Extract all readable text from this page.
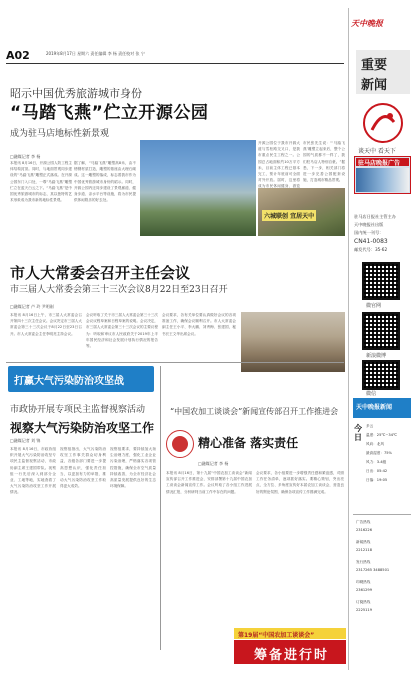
A02	2019年8月17日 星期六 责任编辑 李 杨 责任校对 张 宁
昭示中国优秀旅游城市身份
“马踏飞燕”伫立开源公园
成为驻马店地标性新景观
□融媒记者 李 杨
本报讯 8月16日，开源公园人防工程主体结构封顶。同时，与地面景观同步建设的“马踏飞燕”雕塑正式落成。在开源公园东门入口处，一尊“马踏飞燕”雕塑伫立在蓝天白云之下。“马踏飞燕”是中国优秀旅游城市的标志，其以独特的艺术形象成为我市新的地标性景观。
据了解，“马踏飞燕”雕塑高8米，由不锈钢材质打造，雕塑的基座由大理石砌成。这一雕塑的落成，标志着我市作为中国优秀旅游城市身份的昭示。同时，开源公园内还同步建设了景观廊道、健身步道、亲水平台等设施，将为市民提供休闲娱乐的好去处。
开源公园位于我市开源大道与雪松路交叉口，是我市重点民生工程之一。公园总占地面积约10万平方米，目前主体工程已基本完工，预计年底前可全面对外开放。届时，这里将成为市民休闲健身、游览
市民张先生说：“‘马踏飞燕’雕塑立起来后，整个公园的气质都不一样了，我们驻马店人特别自豪。”据悉，下一步，相关部门将进一步完善公园配套设施，打造城市精品景观。
六城联创 宜居天中
市人大常委会召开主任会议
市三届人大常委会第三十三次会议8月22日至23日召开
□融媒记者 卢 玲 尹明刚
本报讯 8月16日上午，市三届人大常委会召开第四十三次主任会议。会议决定市三届人大常委会第三十三次会议于8月22日至23日召开。市人大常委会主任李明亮主持会议。
会议听取了关于市三届人大常委会第三十三次会议议程草案和日程草案的说明。会议决定，市三届人大常委会第三十三次会议的主要议程为：听取和审议市人民政府关于2019年上半年国民经济和社会发展计划执行情况的报告等。
会议要求，各有关单位要认真做好会议的各项准备工作，确保会议顺利召开。市人大常委会副主任王小平、李大鹏、刘秀梅、张建国，秘书长王文华出席会议。
打赢大气污染防治攻坚战
市政协开展专项民主监督视察活动
视察大气污染防治攻坚工作
□融媒记者 刘 锦
本报讯 8月16日，市政协组织开展大气污染防治攻坚专项民主监督视察活动，市政协副主席王建国带队。视察组一行先后深入到部分企业、工地等地，实地查看了大气污染防治攻坚工作开展情况。
视察组指出，大气污染防治攻坚工作事关群众切身利益，各级各部门要进一步提高思想认识，强化责任担当，以更加有力的举措，推动大气污染防治攻坚工作取得更大成效。
视察组要求，要持续加大扬尘治理力度，强化工业企业污染治理，严格落实各项管控措施，确保全市空气质量持续改善，为全市经济社会高质量发展提供良好的生态环境保障。
“中国农加工谈谈会”新闻宣传部召开工作推进会
精心准备 落实责任
□融媒记者 李 杨
本报讯 8月16日，第十九届“中国农加工谈谈会”新闻宣传部召开工作推进会，安排部署第十九届中国农加工谈谈会新闻宣传工作。会议听取了各小组工作进展情况汇报，分析研判当前工作中存在的问题。
会议要求，各小组要进一步增强责任感和紧迫感，对照工作任务清单，逐项抓好落实。要精心策划，突出亮点，全方位、多角度宣传好本届农加工谈谈会，营造良好的舆论氛围，确保各项宣传工作圆满完成。
第19届“中国农加工谈谈会”
筹备进行时
天中晚报
重要
新闻
谈天中 看天下
驻马店晚报广告
驻马店日报社主管主办
天中晚报社出版
国内统一刊号：
CN41-0083
邮发代号：35-62
微官网
新浪微博
微信
天中晚报新闻
今日
多云
温度：25℃~34℃
风向：北风
最高湿度：75%
风力：3-4级
日出：05:42
日落：19:05
广告热线
2316226
新闻热线
2212118
发行热线
2317265 3488501
印刷热线
2361299
订阅热线
2225119
